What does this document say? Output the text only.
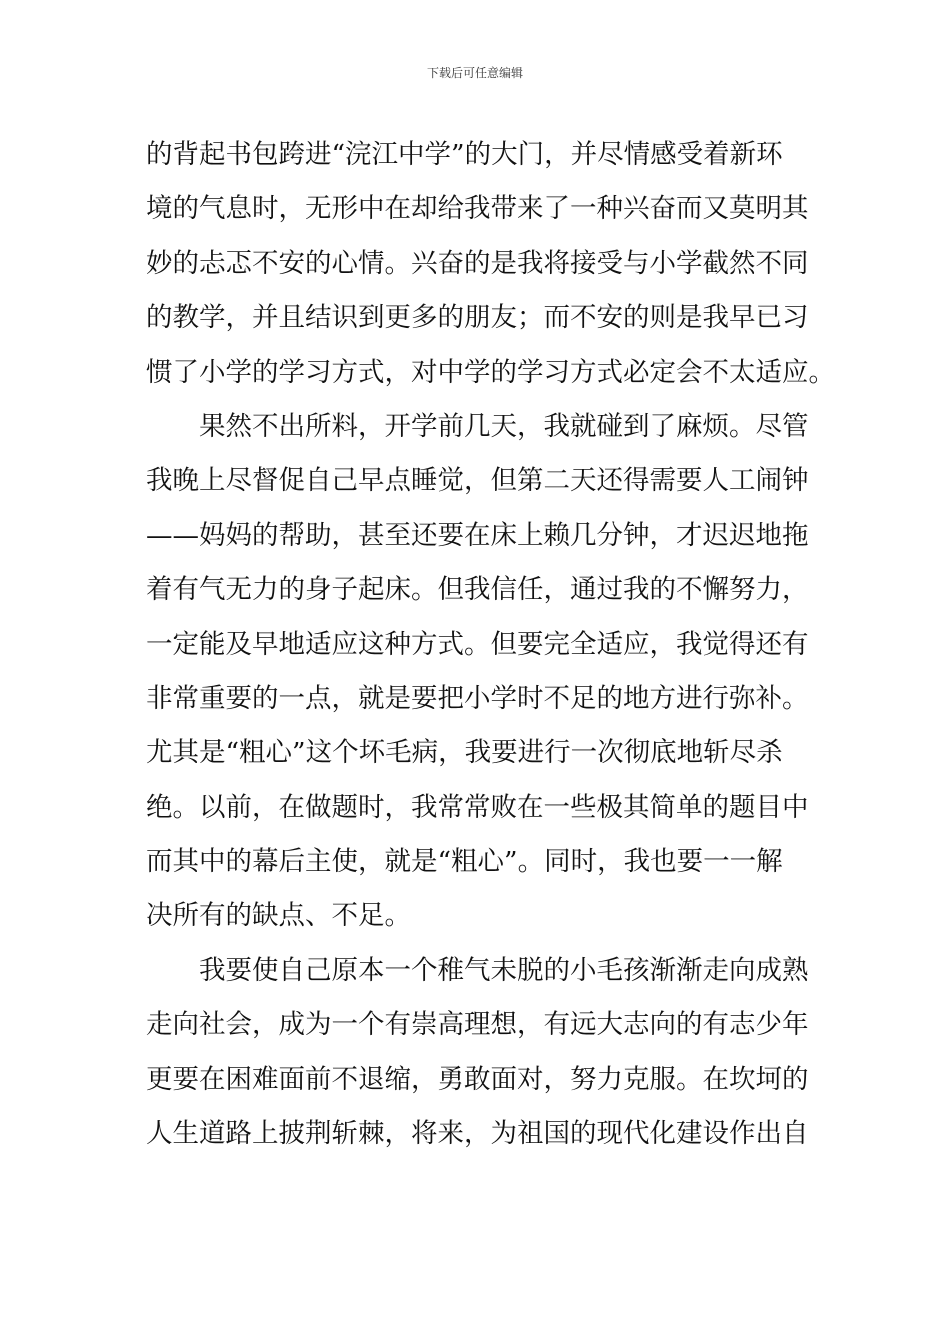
下载后可任意编辑
的背起书包跨进“浣江中学”的大门，并尽情感受着新环
境的气息时，无形中在却给我带来了一种兴奋而又莫明其
妙的忐忑不安的心情。兴奋的是我将接受与小学截然不同
的教学，并且结识到更多的朋友；而不安的则是我早已习
惯了小学的学习方式，对中学的学习方式必定会不太适应。
果然不出所料，开学前几天，我就碰到了麻烦。尽管
我晚上尽督促自己早点睡觉，但第二天还得需要人工闹钟
——妈妈的帮助，甚至还要在床上赖几分钟，才迟迟地拖
着有气无力的身子起床。但我信任，通过我的不懈努力，
一定能及早地适应这种方式。但要完全适应，我觉得还有
非常重要的一点，就是要把小学时不足的地方进行弥补。
尤其是“粗心”这个坏毛病，我要进行一次彻底地斩尽杀
绝。以前，在做题时，我常常败在一些极其简单的题目中
而其中的幕后主使，就是“粗心”。同时，我也要一一解
决所有的缺点、不足。
我要使自己原本一个稚气未脱的小毛孩渐渐走向成熟
走向社会，成为一个有崇高理想，有远大志向的有志少年
更要在困难面前不退缩，勇敢面对，努力克服。在坎坷的
人生道路上披荆斩棘，将来，为祖国的现代化建设作出自
